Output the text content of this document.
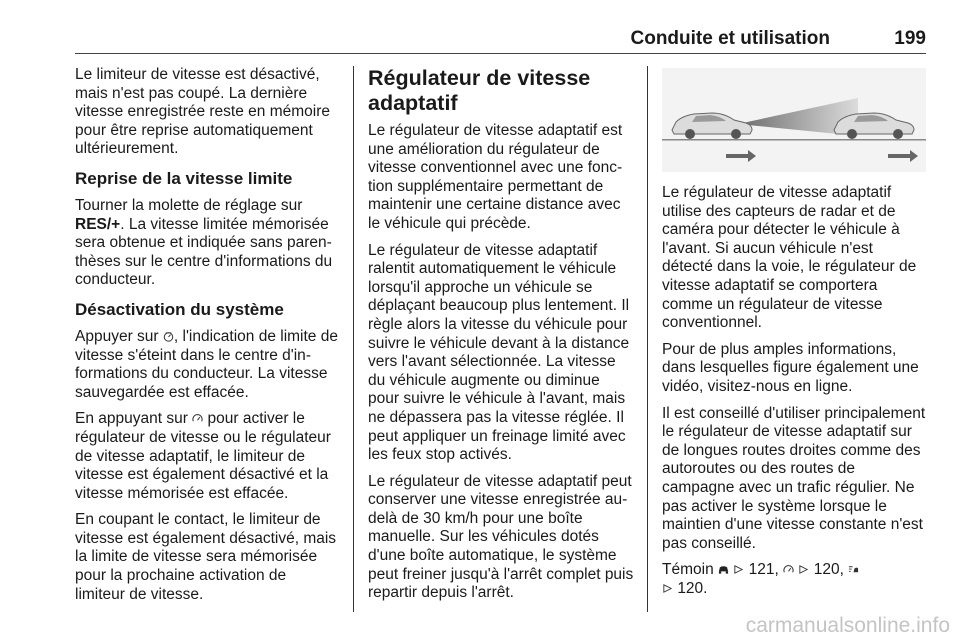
Conduite et utilisation	199

Le limiteur de vitesse est désactivé, mais n'est pas coupé. La dernière vitesse enregistrée reste en mémoire pour être reprise automatiquement ultérieurement.

Reprise de la vitesse limite

Tourner la molette de réglage sur RES/+. La vitesse limitée mémorisée sera obtenue et indiquée sans parenthèses sur le centre d'informations du conducteur.

Désactivation du système

Appuyer sur , l'indication de limite de vitesse s'éteint dans le centre d'informations du conducteur. La vitesse sauvegardée est effacée.

En appuyant sur pour activer le régulateur de vitesse ou le régulateur de vitesse adaptatif, le limiteur de vitesse est également désactivé et la vitesse mémorisée est effacée.

En coupant le contact, le limiteur de vitesse est également désactivé, mais la limite de vitesse sera mémorisée pour la prochaine activation de limiteur de vitesse.

Régulateur de vitesse adaptatif

Le régulateur de vitesse adaptatif est une amélioration du régulateur de vitesse conventionnel avec une fonction supplémentaire permettant de maintenir une certaine distance avec le véhicule qui précède.

Le régulateur de vitesse adaptatif ralentit automatiquement le véhicule lorsqu'il approche un véhicule se déplaçant beaucoup plus lentement. Il règle alors la vitesse du véhicule pour suivre le véhicule devant à la distance vers l'avant sélectionnée. La vitesse du véhicule augmente ou diminue pour suivre le véhicule à l'avant, mais ne dépassera pas la vitesse réglée. Il peut appliquer un freinage limité avec les feux stop activés.

Le régulateur de vitesse adaptatif peut conserver une vitesse enregistrée au-delà de 30 km/h pour une boîte manuelle. Sur les véhicules dotés d'une boîte automatique, le système peut freiner jusqu'à l'arrêt complet puis repartir depuis l'arrêt.

Le régulateur de vitesse adaptatif utilise des capteurs de radar et de caméra pour détecter le véhicule à l'avant. Si aucun véhicule n'est détecté dans la voie, le régulateur de vitesse adaptatif se comportera comme un régulateur de vitesse conventionnel.

Pour de plus amples informations, dans lesquelles figure également une vidéo, visitez-nous en ligne.

Il est conseillé d'utiliser principalement le régulateur de vitesse adaptatif sur de longues routes droites comme des autoroutes ou des routes de campagne avec un trafic régulier. Ne pas activer le système lorsque le maintien d'une vitesse constante n'est pas conseillé.

Témoin 121, 120,
120.

carmanualsonline.info
